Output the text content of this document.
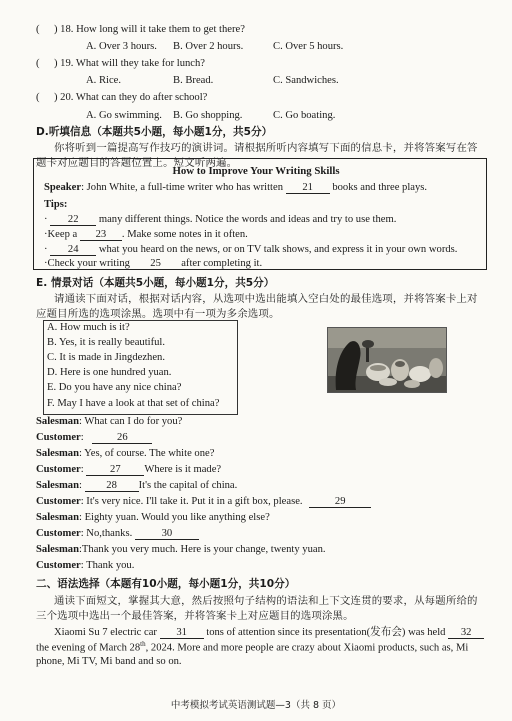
( ) 18. How long will it take them to get there?
A. Over 3 hours. B. Over 2 hours.	C. Over 5 hours.
( ) 19. What will they take for lunch?
A. Rice.	B. Bread.	C. Sandwiches.
( ) 20. What can they do after school?
A. Go swimming. B. Go shopping.	C. Go boating.
D.听填信息（本题共5小题，每小题1分，共5分）
你将听到一篇提高写作技巧的演讲词。请根据所听内容填写下面的信息卡，并将答案写在答
题卡对应题目的答题位置上。短文听两遍。
How to Improve Your Writing Skills
Speaker: John White, a full-time writer who has written 21 books and three plays.
Tips:
· 22 many different things. Notice the words and ideas and try to use them.
·Keep a 23 . Make some notes in it often.
· 24 what you heard on the news, or on TV talk shows, and express it in your own words.
·Check your writing 25 after completing it.
E. 情景对话（本题共5小题，每小题1分，共5分）
请通读下面对话，根据对话内容，从选项中选出能填入空白处的最佳选项，并将答案卡上对
应题目所选的选项涂黑。选项中有一项为多余选项。
A. How much is it?
B. Yes, it is really beautiful.
C. It is made in Jingdezhen.
D. Here is one hundred yuan.
E. Do you have any nice china?
F. May I have a look at that set of china?
Salesman: What can I do for you?
Customer:	26
Salesman: Yes, of course. The white one?
Customer: 27 Where is it made?
Salesman: 28 It's the capital of china.
Customer: It's very nice. I'll take it. Put it in a gift box, please.	29
Salesman: Eighty yuan. Would you like anything else?
Customer: No,thanks.	30
Salesman:Thank you very much. Here is your change, twenty yuan.
Customer: Thank you.
二、语法选择（本题有10小题，每小题1分，共10分）
通读下面短文，掌握其大意，然后按照句子结构的语法和上下文连贯的要求，从每题所给的
三个选项中选出一个最佳答案，并将答案卡上对应题目的选项涂黑。
Xiaomi Su 7 electric car 31 tons of attention since its presentation(发布会) was held 32
the evening of March 28th, 2024. More and more people are crazy about Xiaomi products, such as, Mi
phone, Mi TV, Mi band and so on.
中考模拟考试英语测试题—3（共 8 页）
